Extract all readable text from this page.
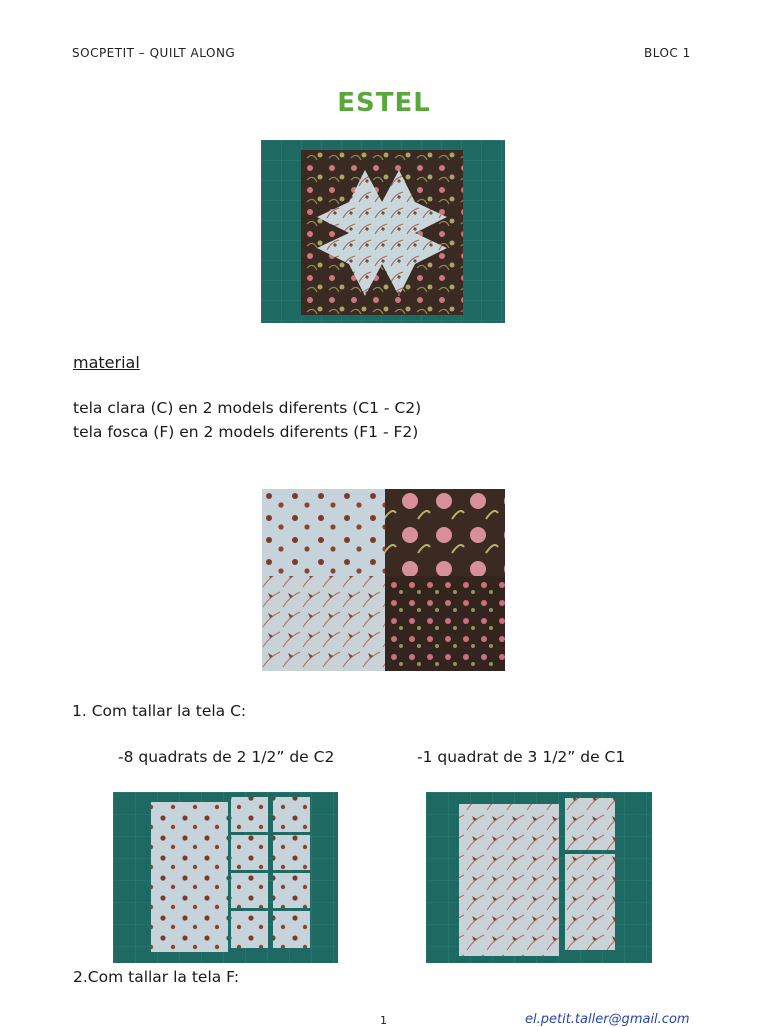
SOCPETIT – QUILT ALONG	BLOC 1
ESTEL
material
tela clara (C) en 2 models diferents (C1 - C2)
tela fosca (F) en 2 models diferents (F1 - F2)
1. Com tallar la tela C:
-8 quadrats de 2 1/2” de C2	-1 quadrat de 3 1/2” de C1
2.Com tallar la tela F:
1	el.petit.taller@gmail.com
